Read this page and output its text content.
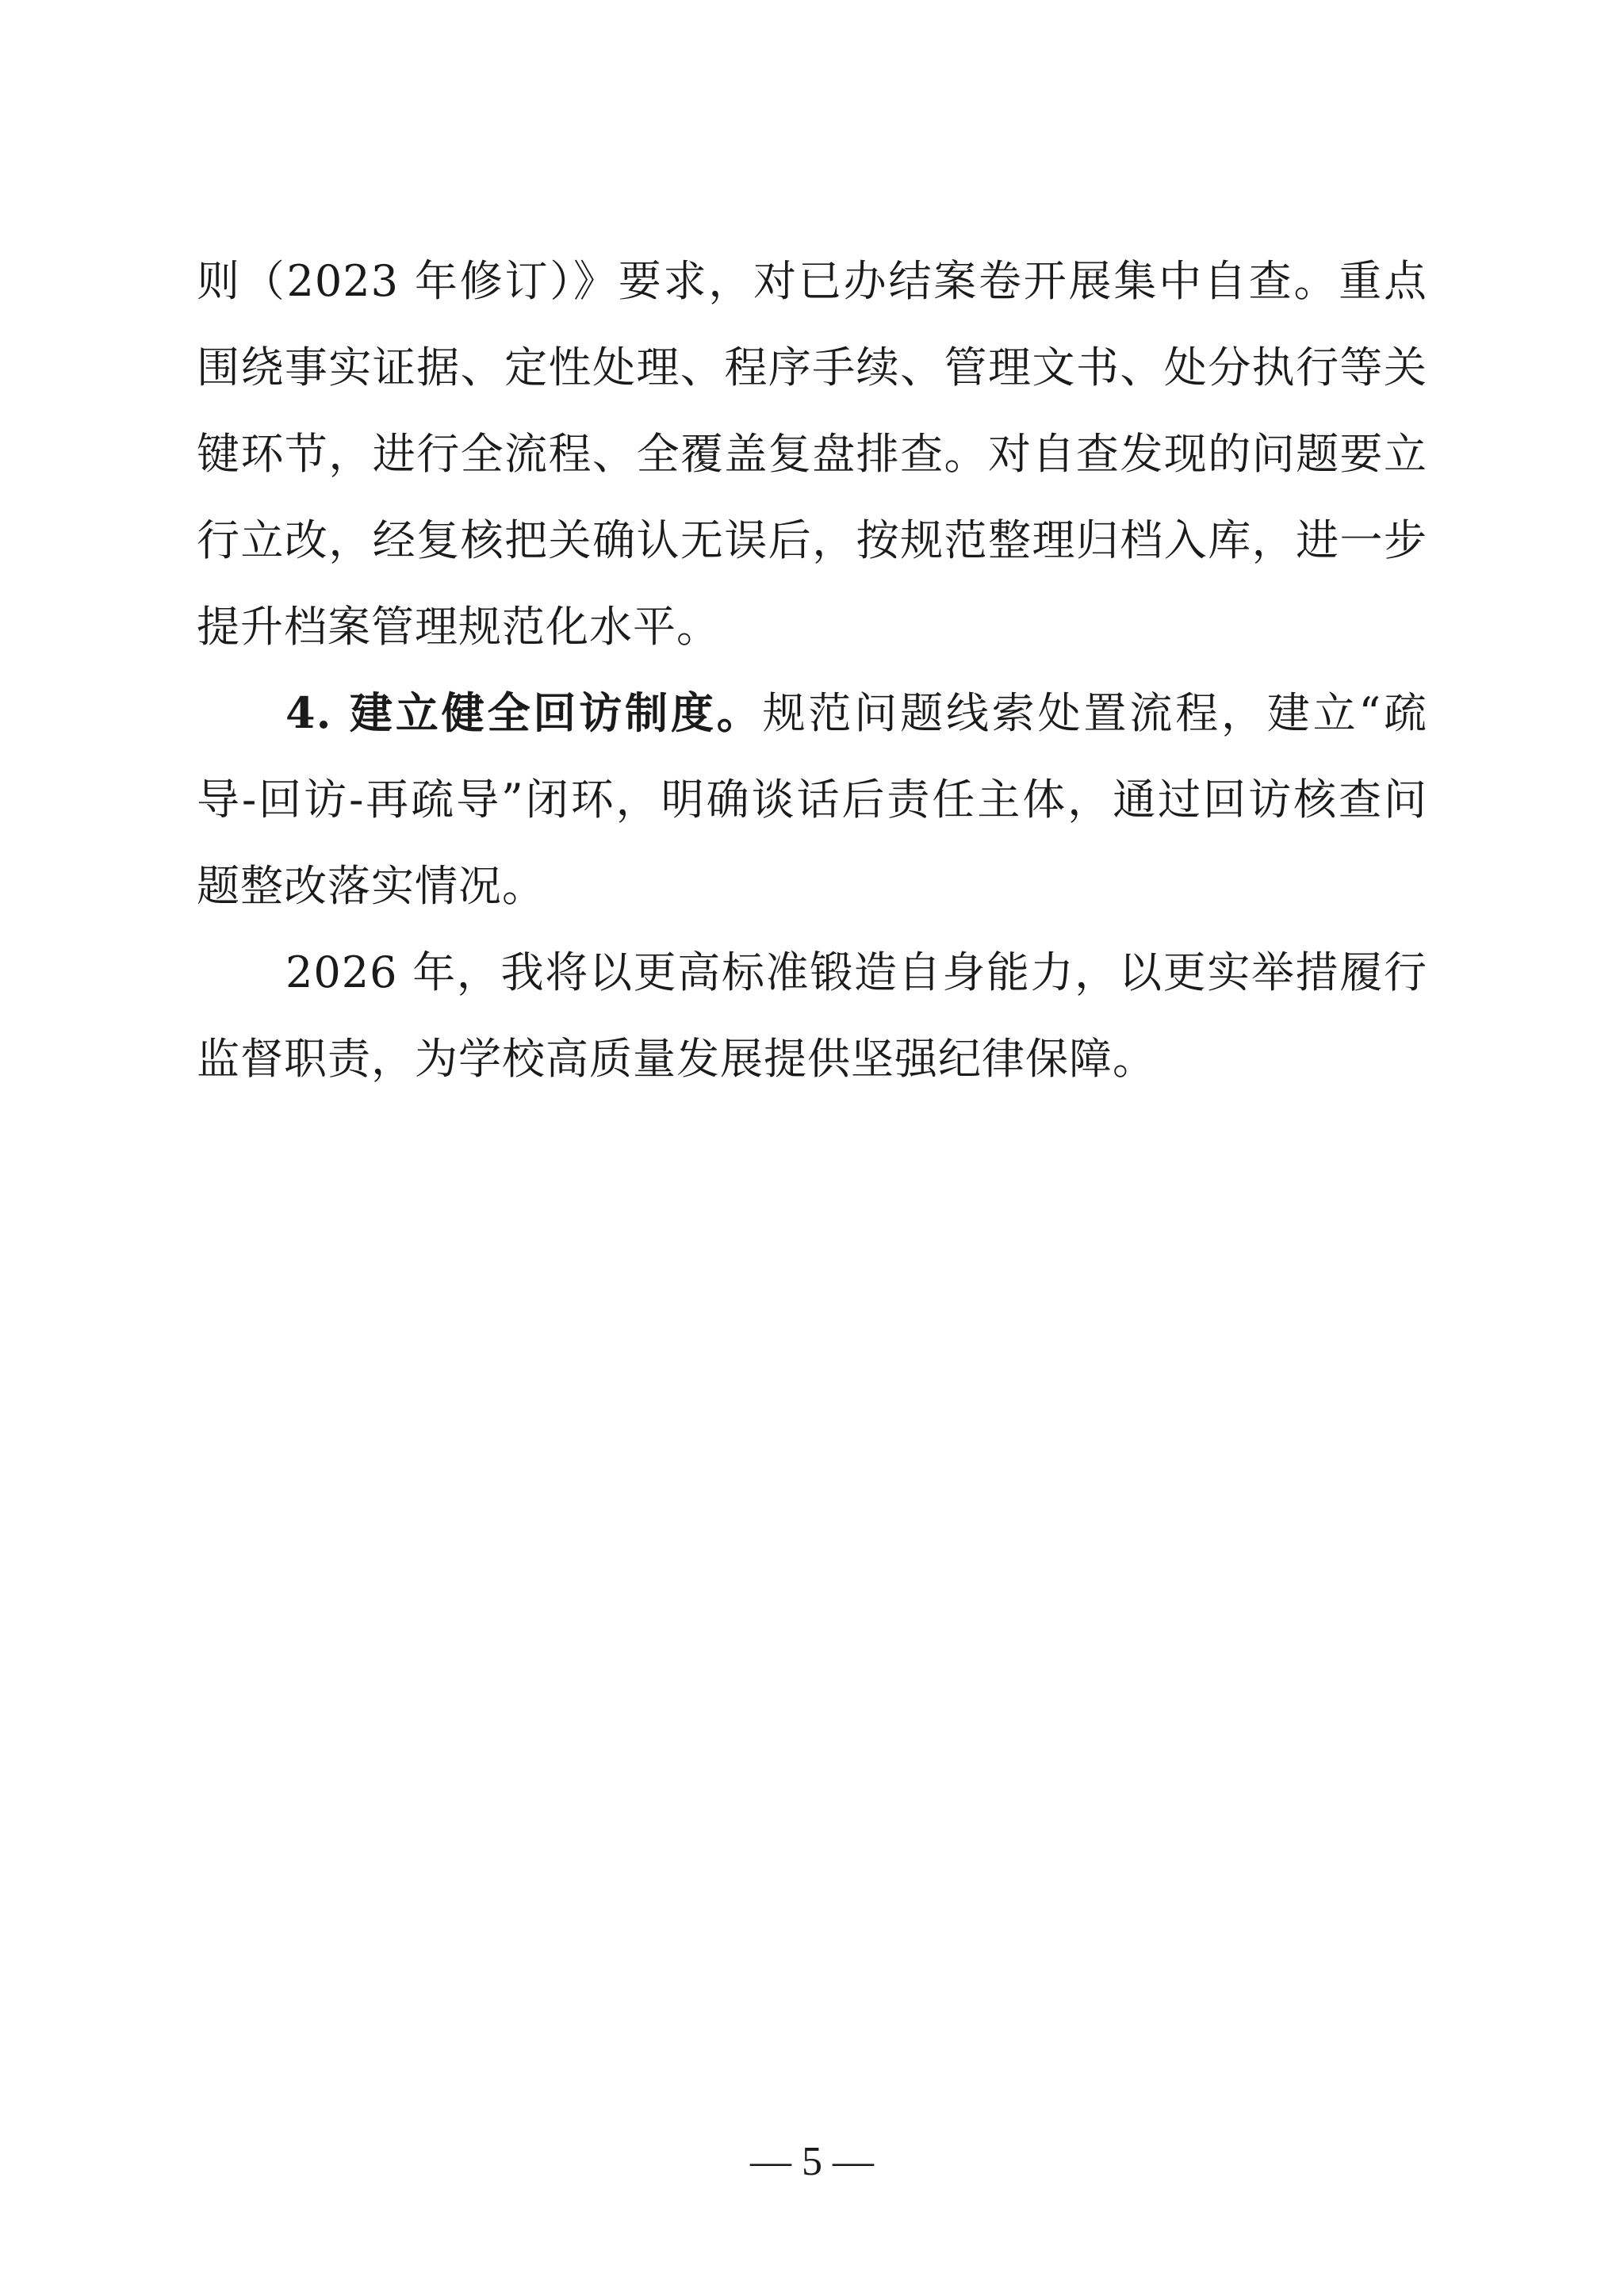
则（2023 年修订）》要求，对已办结案卷开展集中自查。重点围绕事实证据、定性处理、程序手续、管理文书、处分执行等关键环节，进行全流程、全覆盖复盘排查。对自查发现的问题要立行立改，经复核把关确认无误后，按规范整理归档入库，进一步提升档案管理规范化水平。

4. 建立健全回访制度。规范问题线索处置流程，建立“疏导-回访-再疏导”闭环，明确谈话后责任主体，通过回访核查问题整改落实情况。

2026 年，我将以更高标准锻造自身能力，以更实举措履行监督职责，为学校高质量发展提供坚强纪律保障。

— 5 —
